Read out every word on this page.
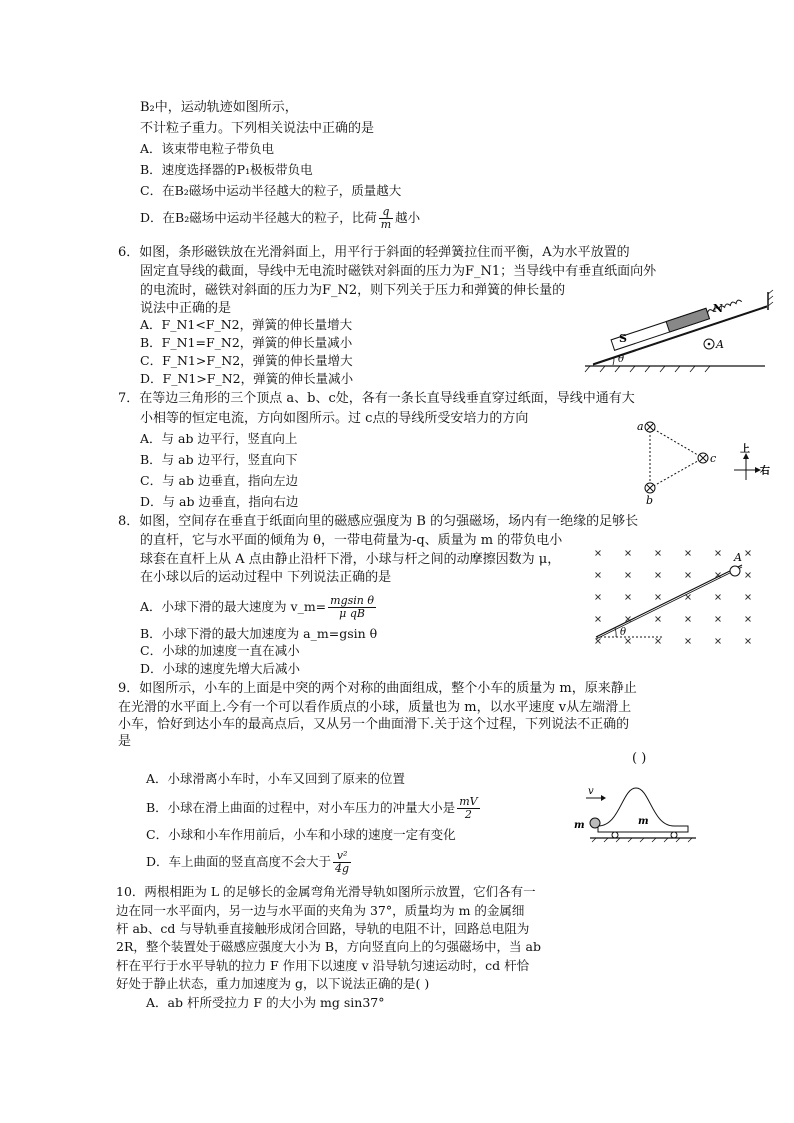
B₂中，运动轨迹如图所示，
不计粒子重力。下列相关说法中正确的是
A．该束带电粒子带负电
B．速度选择器的P₁极板带负电
C．在B₂磁场中运动半径越大的粒子，质量越大
D．在B₂磁场中运动半径越大的粒子，比荷 $\frac{q}{m}$ 越小
6．如图，条形磁铁放在光滑斜面上，用平行于斜面的轻弹簧拉住而平衡，A为水平放置的
固定直导线的截面，导线中无电流时磁铁对斜面的压力为F_N1；当导线中有垂直纸面向外
的电流时，磁铁对斜面的压力为F_N2，则下列关于压力和弹簧的伸长量的
说法中正确的是
A．F_N1<F_N2，弹簧的伸长量增大
B．F_N1=F_N2，弹簧的伸长量减小
C．F_N1>F_N2，弹簧的伸长量增大
D．F_N1>F_N2，弹簧的伸长量减小
S
N
θ
A
7．在等边三角形的三个顶点 a、b、c处，各有一条长直导线垂直穿过纸面，导线中通有大
小相等的恒定电流，方向如图所示。过 c点的导线所受安培力的方向
A．与 ab 边平行，竖直向上
B．与 ab 边平行，竖直向下
C．与 ab 边垂直，指向左边
D．与 ab 边垂直，指向右边
a
b
c
上
右
8．如图，空间存在垂直于纸面向里的磁感应强度为 B 的匀强磁场，场内有一绝缘的足够长
的直杆，它与水平面的倾角为 θ，一带电荷量为-q、质量为 m 的带负电小
球套在直杆上从 A 点由静止沿杆下滑，小球与杆之间的动摩擦因数为 μ，
在小球以后的运动过程中 下列说法正确的是
A．小球下滑的最大速度为 v_m= $\frac{\text{mgsin θ}}{\text{μ qB}}$
B．小球下滑的最大加速度为 a_m=gsin θ
C．小球的加速度一直在减小
D．小球的速度先增大后减小
A
θ
9．如图所示，小车的上面是中突的两个对称的曲面组成，整个小车的质量为 m，原来静止
在光滑的水平面上.今有一个可以看作质点的小球，质量也为 m，以水平速度 v从左端滑上
小车，恰好到达小车的最高点后，又从另一个曲面滑下.关于这个过程，下列说法不正确的
是
( )
A．小球滑离小车时，小车又回到了原来的位置
B．小球在滑上曲面的过程中，对小车压力的冲量大小是 $\frac{mV}{2}$
C．小球和小车作用前后，小车和小球的速度一定有变化
D．车上曲面的竖直高度不会大于 $\frac{\text{v²}}{4g}$
v
m	m
10．两根相距为 L 的足够长的金属弯角光滑导轨如图所示放置，它们各有一
边在同一水平面内，另一边与水平面的夹角为 37°，质量均为 m 的金属细
杆 ab、cd 与导轨垂直接触形成闭合回路，导轨的电阻不计，回路总电阻为
2R，整个装置处于磁感应强度大小为 B，方向竖直向上的匀强磁场中，当 ab
杆在平行于水平导轨的拉力 F 作用下以速度 v 沿导轨匀速运动时，cd 杆恰
好处于静止状态，重力加速度为 g，以下说法正确的是( )
A．ab 杆所受拉力 F 的大小为 mg sin37°
